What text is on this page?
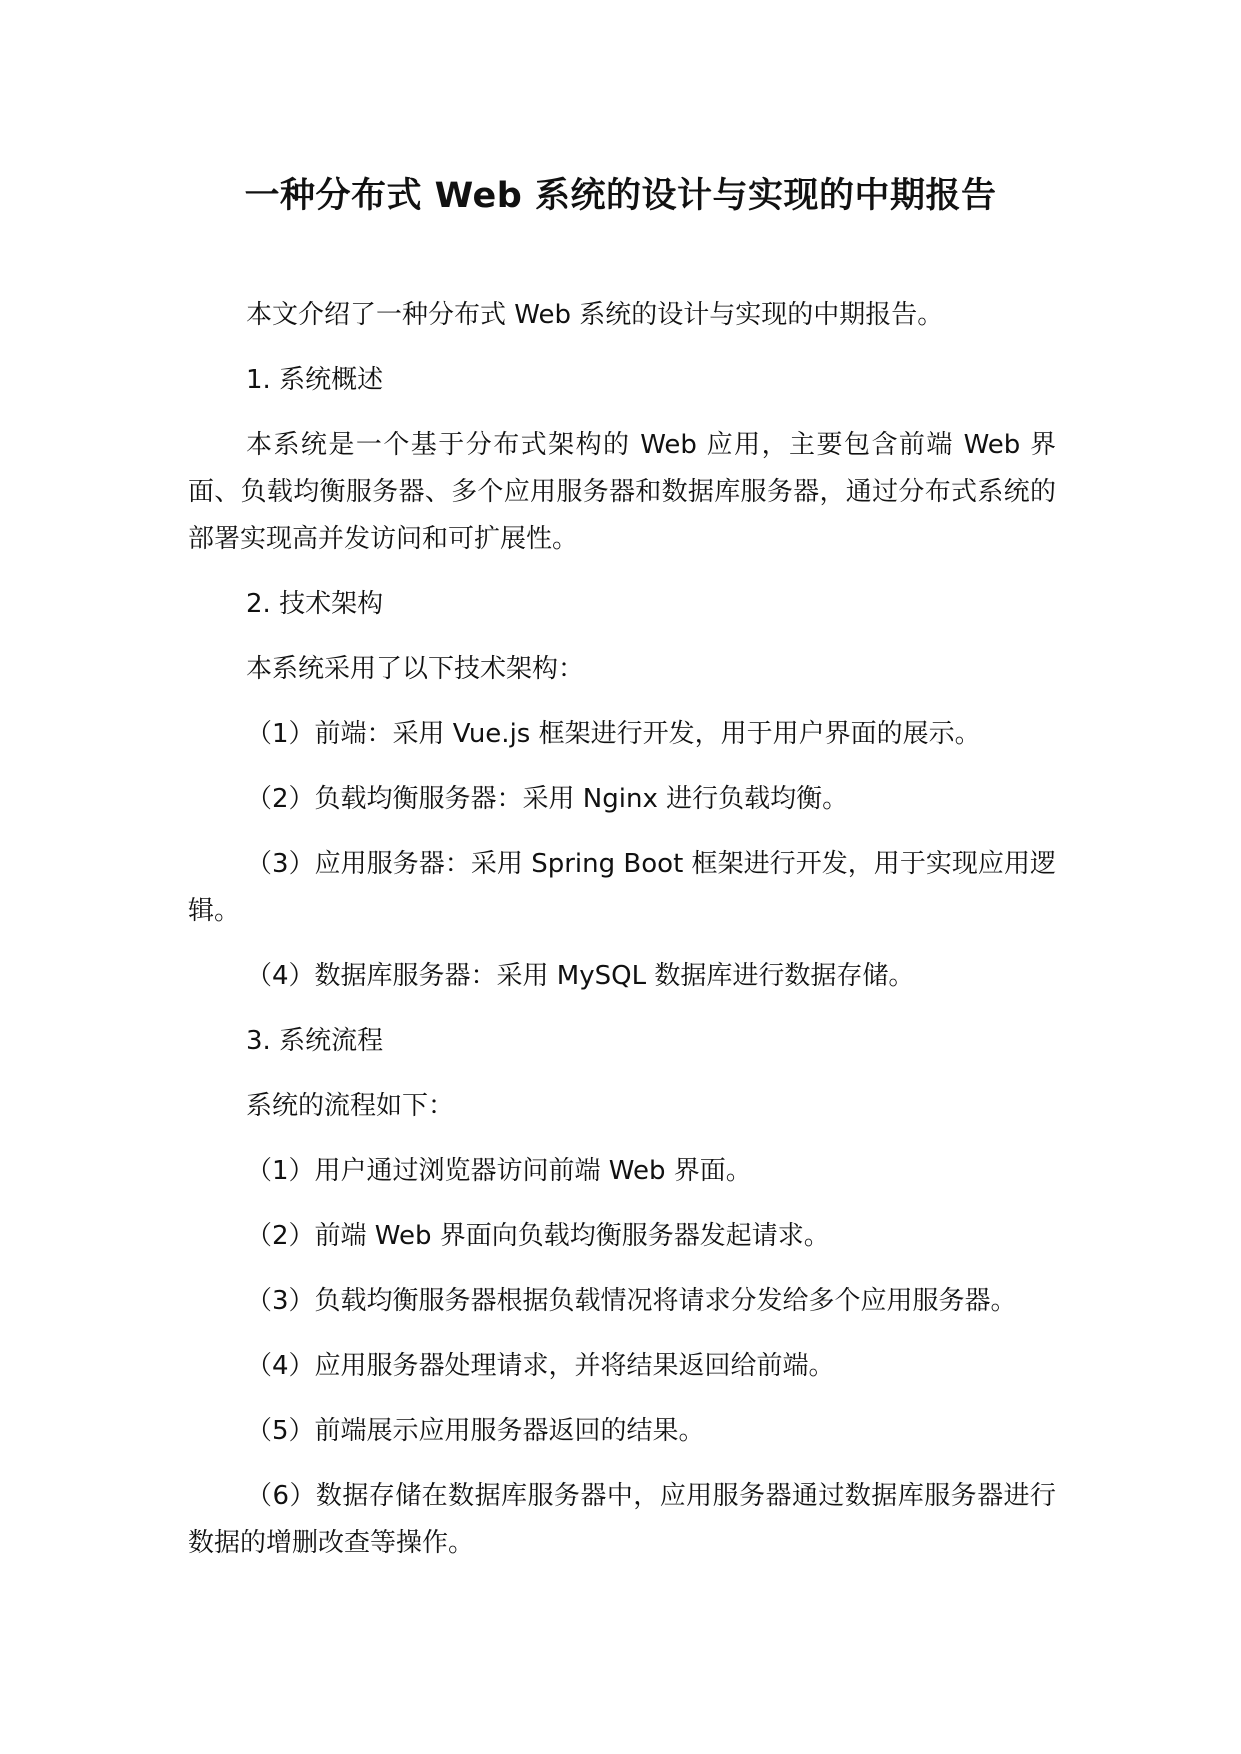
一种分布式 Web 系统的设计与实现的中期报告

本文介绍了一种分布式 Web 系统的设计与实现的中期报告。

1. 系统概述

本系统是一个基于分布式架构的 Web 应用，主要包含前端 Web 界面、负载均衡服务器、多个应用服务器和数据库服务器，通过分布式系统的部署实现高并发访问和可扩展性。

2. 技术架构

本系统采用了以下技术架构：

（1）前端：采用 Vue.js 框架进行开发，用于用户界面的展示。

（2）负载均衡服务器：采用 Nginx 进行负载均衡。

（3）应用服务器：采用 Spring Boot 框架进行开发，用于实现应用逻辑。

（4）数据库服务器：采用 MySQL 数据库进行数据存储。

3. 系统流程

系统的流程如下：

（1）用户通过浏览器访问前端 Web 界面。

（2）前端 Web 界面向负载均衡服务器发起请求。

（3）负载均衡服务器根据负载情况将请求分发给多个应用服务器。

（4）应用服务器处理请求，并将结果返回给前端。

（5）前端展示应用服务器返回的结果。

（6）数据存储在数据库服务器中，应用服务器通过数据库服务器进行数据的增删改查等操作。
